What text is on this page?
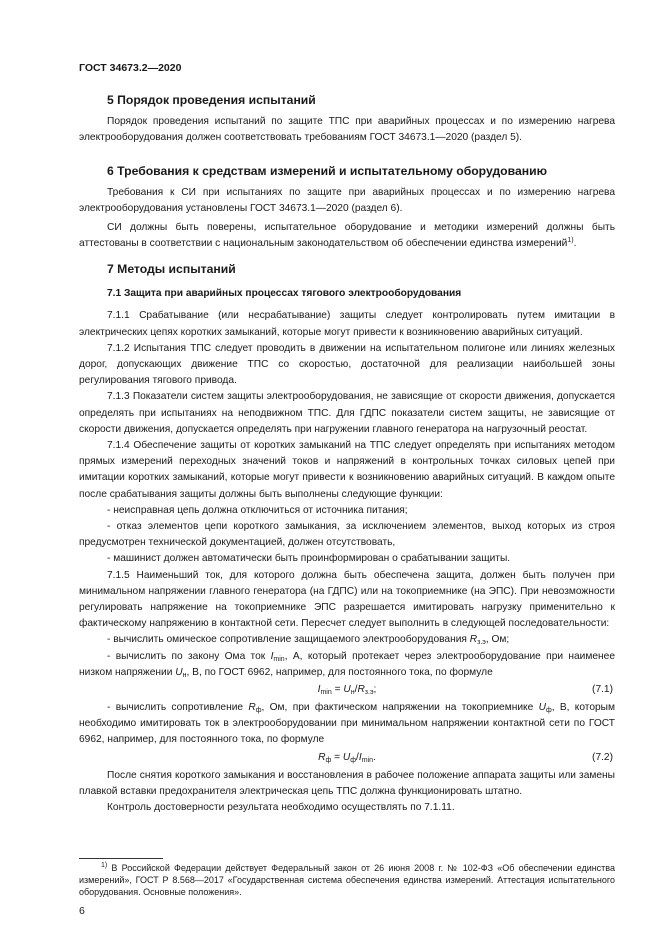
ГОСТ 34673.2—2020
5 Порядок проведения испытаний

Порядок проведения испытаний по защите ТПС при аварийных процессах и по измерению нагрева электрооборудования должен соответствовать требованиям ГОСТ 34673.1—2020 (раздел 5).

6 Требования к средствам измерений и испытательному оборудованию

Требования к СИ при испытаниях по защите при аварийных процессах и по измерению нагрева электрооборудования установлены ГОСТ 34673.1—2020 (раздел 6).

СИ должны быть поверены, испытательное оборудование и методики измерений должны быть аттестованы в соответствии с национальным законодательством об обеспечении единства измерений$^{1)}$.

7 Методы испытаний
7.1 Защита при аварийных процессах тягового электрооборудования

7.1.1 Срабатывание (или несрабатывание) защиты следует контролировать путем имитации в электрических цепях коротких замыканий, которые могут привести к возникновению аварийных ситуаций.

7.1.2 Испытания ТПС следует проводить в движении на испытательном полигоне или линиях железных дорог, допускающих движение ТПС со скоростью, достаточной для реализации наибольшей зоны регулирования тягового привода.

7.1.3 Показатели систем защиты электрооборудования, не зависящие от скорости движения, допускается определять при испытаниях на неподвижном ТПС. Для ГДПС показатели систем защиты, не зависящие от скорости движения, допускается определять при нагружении главного генератора на нагрузочный реостат.

7.1.4 Обеспечение защиты от коротких замыканий на ТПС следует определять при испытаниях методом прямых измерений переходных значений токов и напряжений в контрольных точках силовых цепей при имитации коротких замыканий, которые могут привести к возникновению аварийных ситуаций. В каждом опыте после срабатывания защиты должны быть выполнены следующие функции:

- неисправная цепь должна отключиться от источника питания;

- отказ элементов цепи короткого замыкания, за исключением элементов, выход которых из строя предусмотрен технической документацией, должен отсутствовать,

- машинист должен автоматически быть проинформирован о срабатывании защиты.

7.1.5 Наименьший ток, для которого должна быть обеспечена защита, должен быть получен при минимальном напряжении главного генератора (на ГДПС) или на токоприемнике (на ЭПС). При невозможности регулировать напряжение на токоприемнике ЭПС разрешается имитировать нагрузку применительно к фактическому напряжению в контактной сети. Пересчет следует выполнить в следующей последовательности:

- вычислить омическое сопротивление защищаемого электрооборудования $R_{з.э}$, Ом;

- вычислить по закону Ома ток $I_{min}$, А, который протекает через электрооборудование при наименее низком напряжении $U_н$, В, по ГОСТ 6962, например, для постоянного тока, по формуле

$I_{min} = U_н/R_{з.э}$;	(7.1)

- вычислить сопротивление $R_ф$, Ом, при фактическом напряжении на токоприемнике $U_ф$, В, которым необходимо имитировать ток в электрооборудовании при минимальном напряжении контактной сети по ГОСТ 6962, например, для постоянного тока, по формуле

$R_ф = U_ф/I_{min}$.	(7.2)

После снятия короткого замыкания и восстановления в рабочее положение аппарата защиты или замены плавкой вставки предохранителя электрическая цепь ТПС должна функционировать штатно.

Контроль достоверности результата необходимо осуществлять по 7.1.11.

$^{1)}$ В Российской Федерации действует Федеральный закон от 26 июня 2008 г. № 102-ФЗ «Об обеспечении единства измерений», ГОСТ Р 8.568—2017 «Государственная система обеспечения единства измерений. Аттестация испытательного оборудования. Основные положения».

6
